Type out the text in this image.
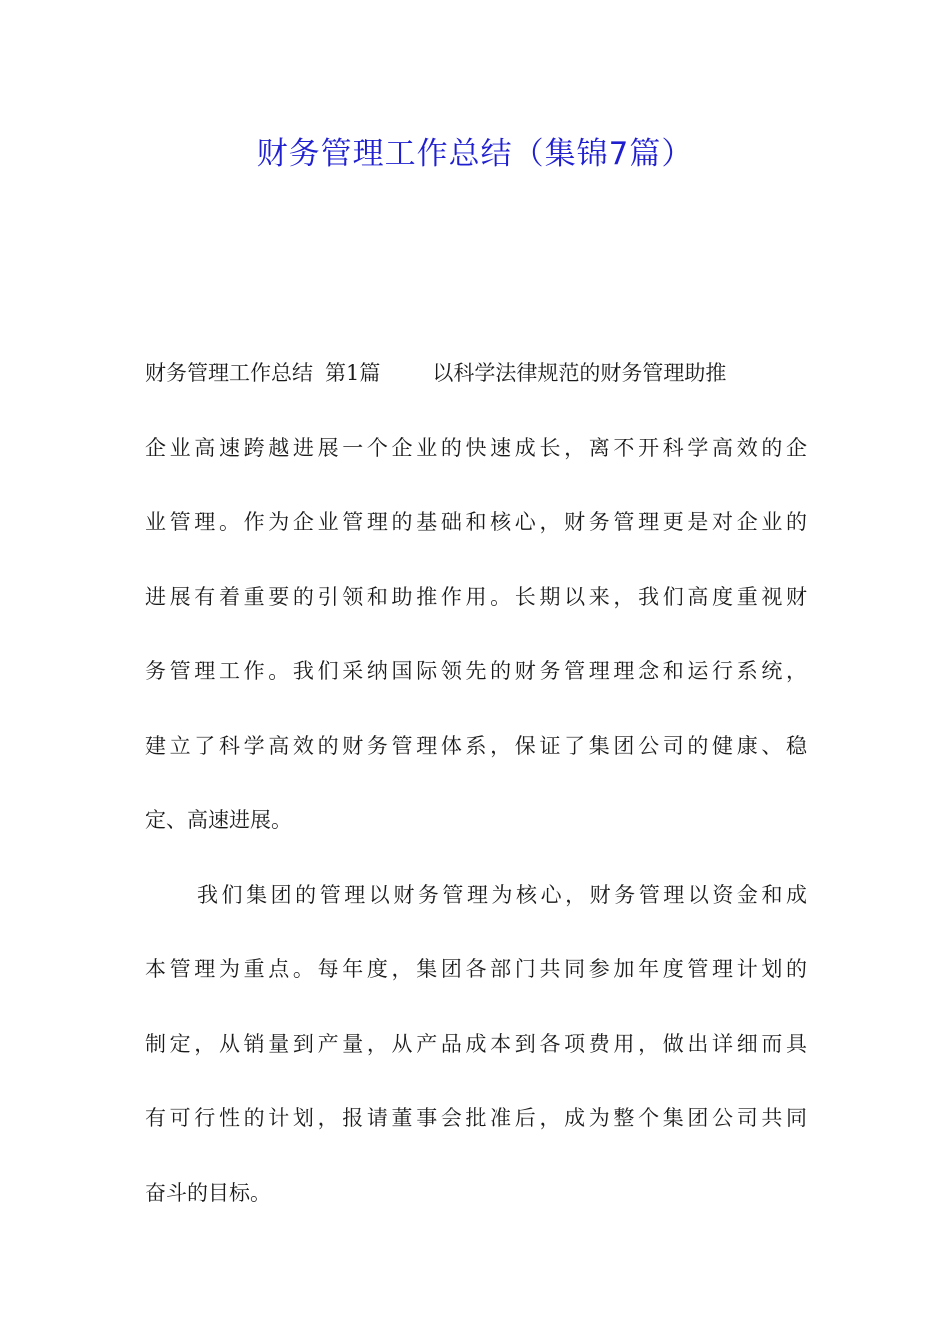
财务管理工作总结（集锦7篇）
财务管理工作总结 第1篇 以科学法律规范的财务管理助推
企业高速跨越进展一个企业的快速成长，离不开科学高效的企
业管理。作为企业管理的基础和核心，财务管理更是对企业的
进展有着重要的引领和助推作用。长期以来，我们高度重视财
务管理工作。我们采纳国际领先的财务管理理念和运行系统，
建立了科学高效的财务管理体系，保证了集团公司的健康、稳
定、高速进展。
我们集团的管理以财务管理为核心，财务管理以资金和成
本管理为重点。每年度，集团各部门共同参加年度管理计划的
制定，从销量到产量，从产品成本到各项费用，做出详细而具
有可行性的计划，报请董事会批准后，成为整个集团公司共同
奋斗的目标。
